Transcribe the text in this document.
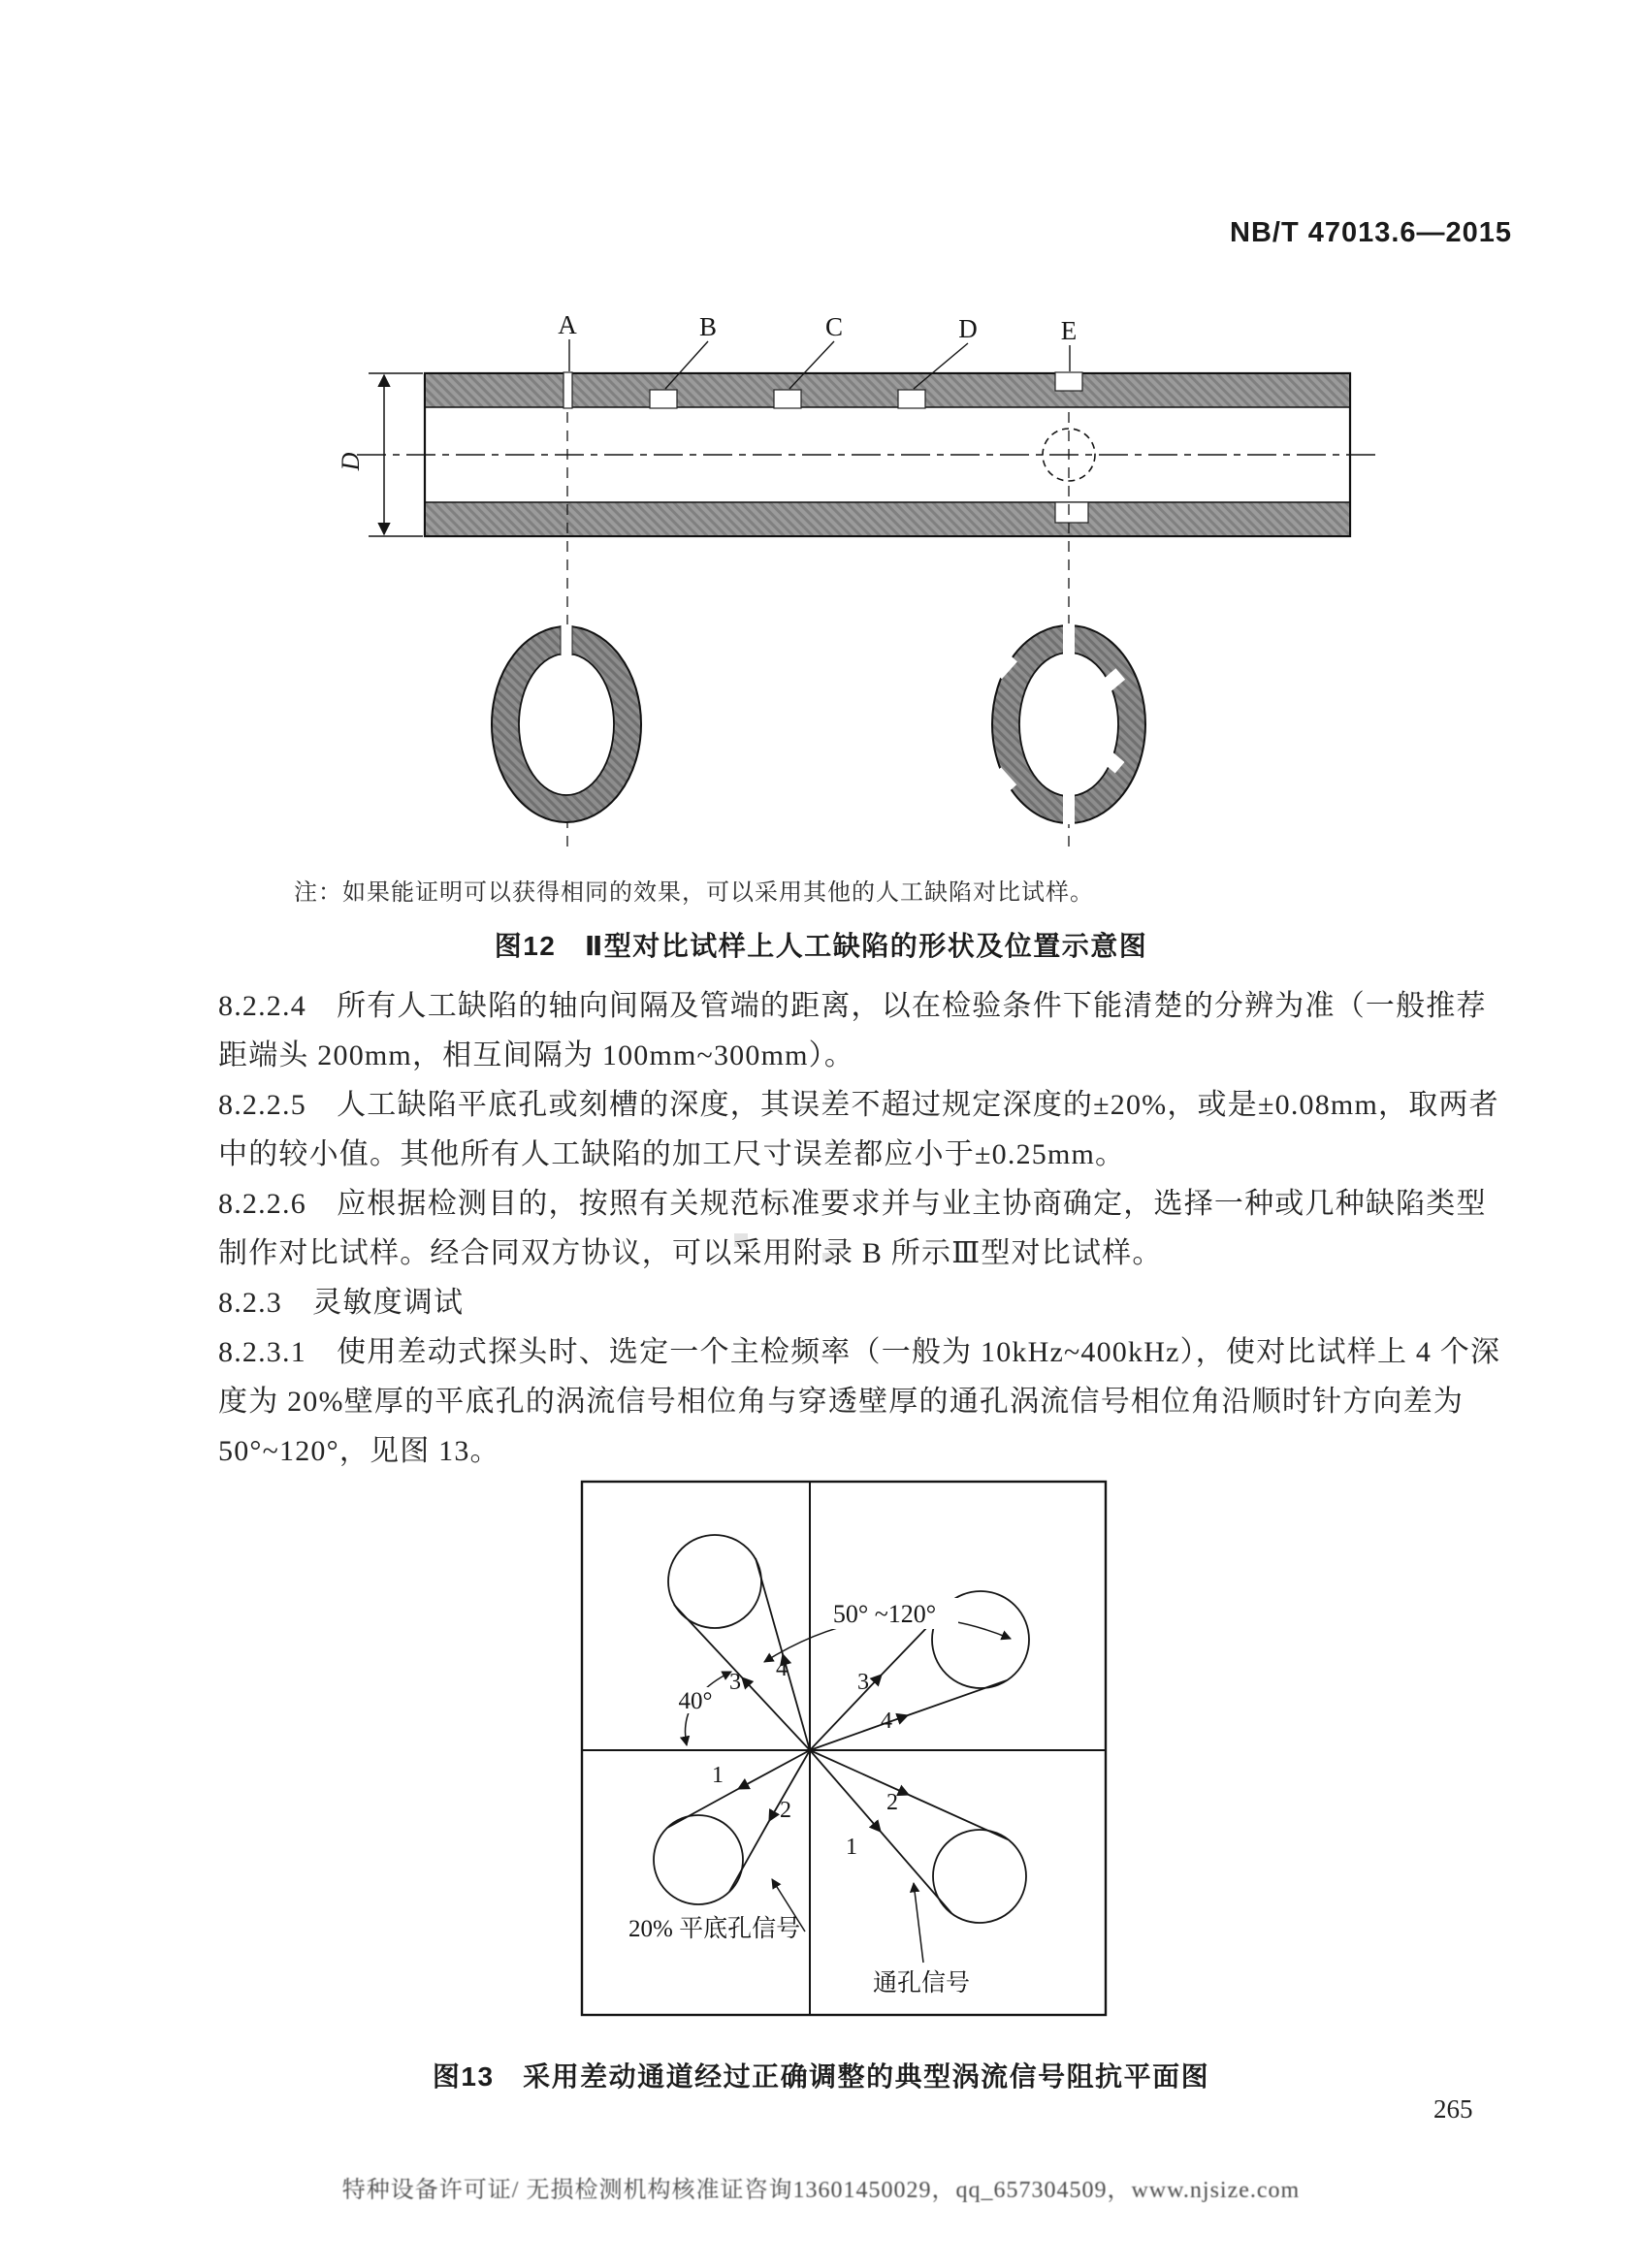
NB/T 47013.6—2015
D
A	B	C	D	E
注：如果能证明可以获得相同的效果，可以采用其他的人工缺陷对比试样。
图12　Ⅱ型对比试样上人工缺陷的形状及位置示意图
8.2.2.4　所有人工缺陷的轴向间隔及管端的距离，以在检验条件下能清楚的分辨为准（一般推荐
距端头 200mm，相互间隔为 100mm~300mm）。
8.2.2.5　人工缺陷平底孔或刻槽的深度，其误差不超过规定深度的±20%，或是±0.08mm，取两者
中的较小值。其他所有人工缺陷的加工尺寸误差都应小于±0.25mm。
8.2.2.6　应根据检测目的，按照有关规范标准要求并与业主协商确定，选择一种或几种缺陷类型
制作对比试样。经合同双方协议，可以采用附录 B 所示Ⅲ型对比试样。
8.2.3　灵敏度调试
8.2.3.1　使用差动式探头时、选定一个主检频率（一般为 10kHz~400kHz），使对比试样上 4 个深
度为 20%壁厚的平底孔的涡流信号相位角与穿透壁厚的通孔涡流信号相位角沿顺时针方向差为
50°~120°，见图 13。
50° ~120°
40°
4
3	3
4
1
2	2
1
20% 平底孔信号
通孔信号
图13　采用差动通道经过正确调整的典型涡流信号阻抗平面图
265
特种设备许可证/ 无损检测机构核准证咨询13601450029，qq_657304509，www.njsize.com
